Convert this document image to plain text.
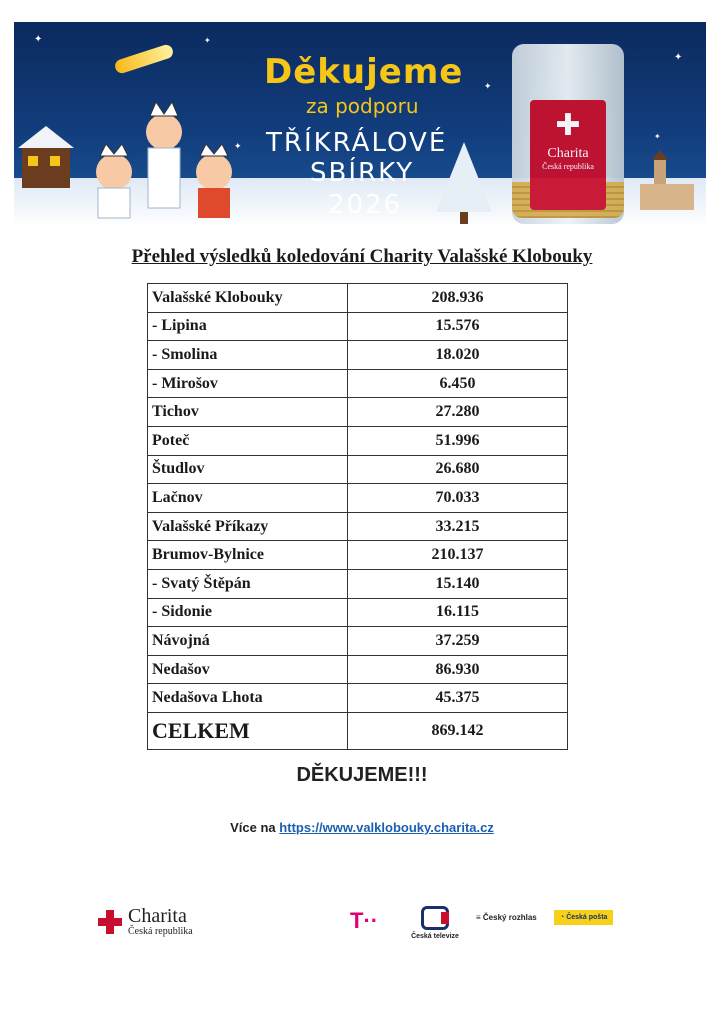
✦	✦
✦
✦
✦
✦
Děkujeme
za podporu
TŘÍKRÁLOVÉ
SBÍRKY
2026
✚
Charita
Česká republika
Přehled výsledků koledování Charity Valašské Klobouky
Valašské Klobouky	208.936
- Lipina	15.576
- Smolina	18.020
- Mirošov	6.450
Tichov	27.280
Poteč	51.996
Študlov	26.680
Lačnov	70.033
Valašské Příkazy	33.215
Brumov-Bylnice	210.137
- Svatý Štěpán	15.140
- Sidonie	16.115
Návojná	37.259
Nedašov	86.930
Nedašova Lhota	45.375
CELKEM	869.142
DĚKUJEME!!!
Více na https://www.valklobouky.charita.cz
Charita
Česká republika	T··
Česká televize
≡ Český rozhlas	◔ Česká pošta
